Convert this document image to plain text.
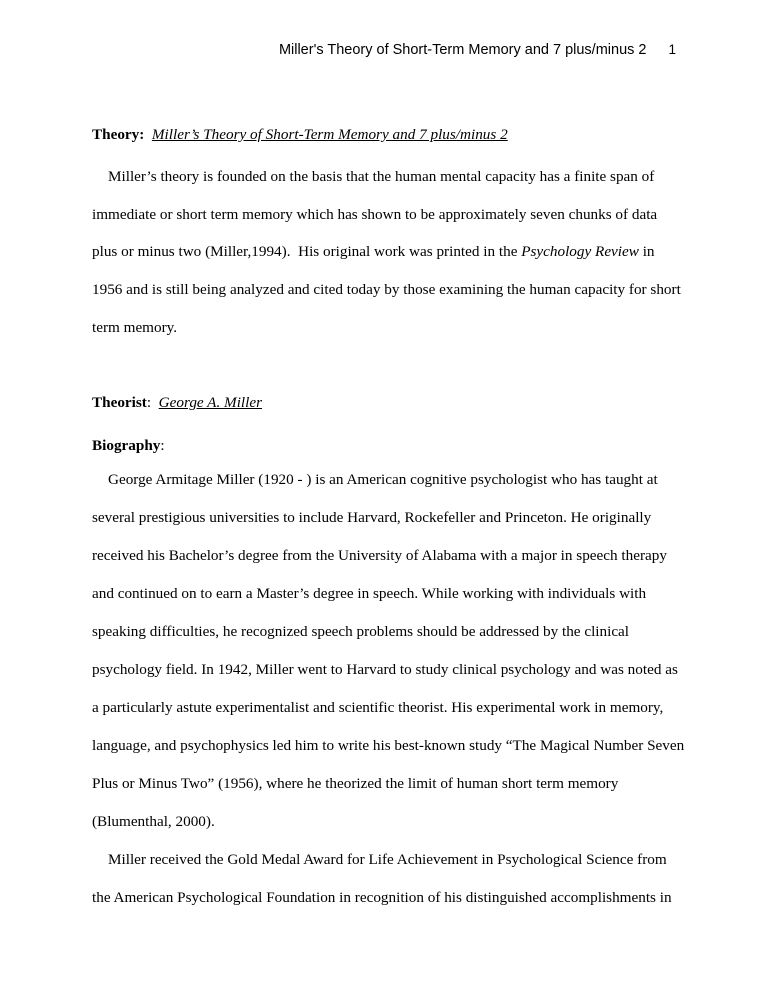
Miller's Theory of Short-Term Memory and 7 plus/minus 2 1
Theory: Miller’s Theory of Short-Term Memory and 7 plus/minus 2
Miller’s theory is founded on the basis that the human mental capacity has a finite span of
immediate or short term memory which has shown to be approximately seven chunks of data
plus or minus two (Miller,1994).  His original work was printed in the Psychology Review in
1956 and is still being analyzed and cited today by those examining the human capacity for short
term memory.
Theorist: George A. Miller
Biography:
George Armitage Miller (1920 - ) is an American cognitive psychologist who has taught at
several prestigious universities to include Harvard, Rockefeller and Princeton. He originally
received his Bachelor’s degree from the University of Alabama with a major in speech therapy
and continued on to earn a Master’s degree in speech. While working with individuals with
speaking difficulties, he recognized speech problems should be addressed by the clinical
psychology field. In 1942, Miller went to Harvard to study clinical psychology and was noted as
a particularly astute experimentalist and scientific theorist. His experimental work in memory,
language, and psychophysics led him to write his best-known study “The Magical Number Seven
Plus or Minus Two” (1956), where he theorized the limit of human short term memory
(Blumenthal, 2000).
Miller received the Gold Medal Award for Life Achievement in Psychological Science from
the American Psychological Foundation in recognition of his distinguished accomplishments in
